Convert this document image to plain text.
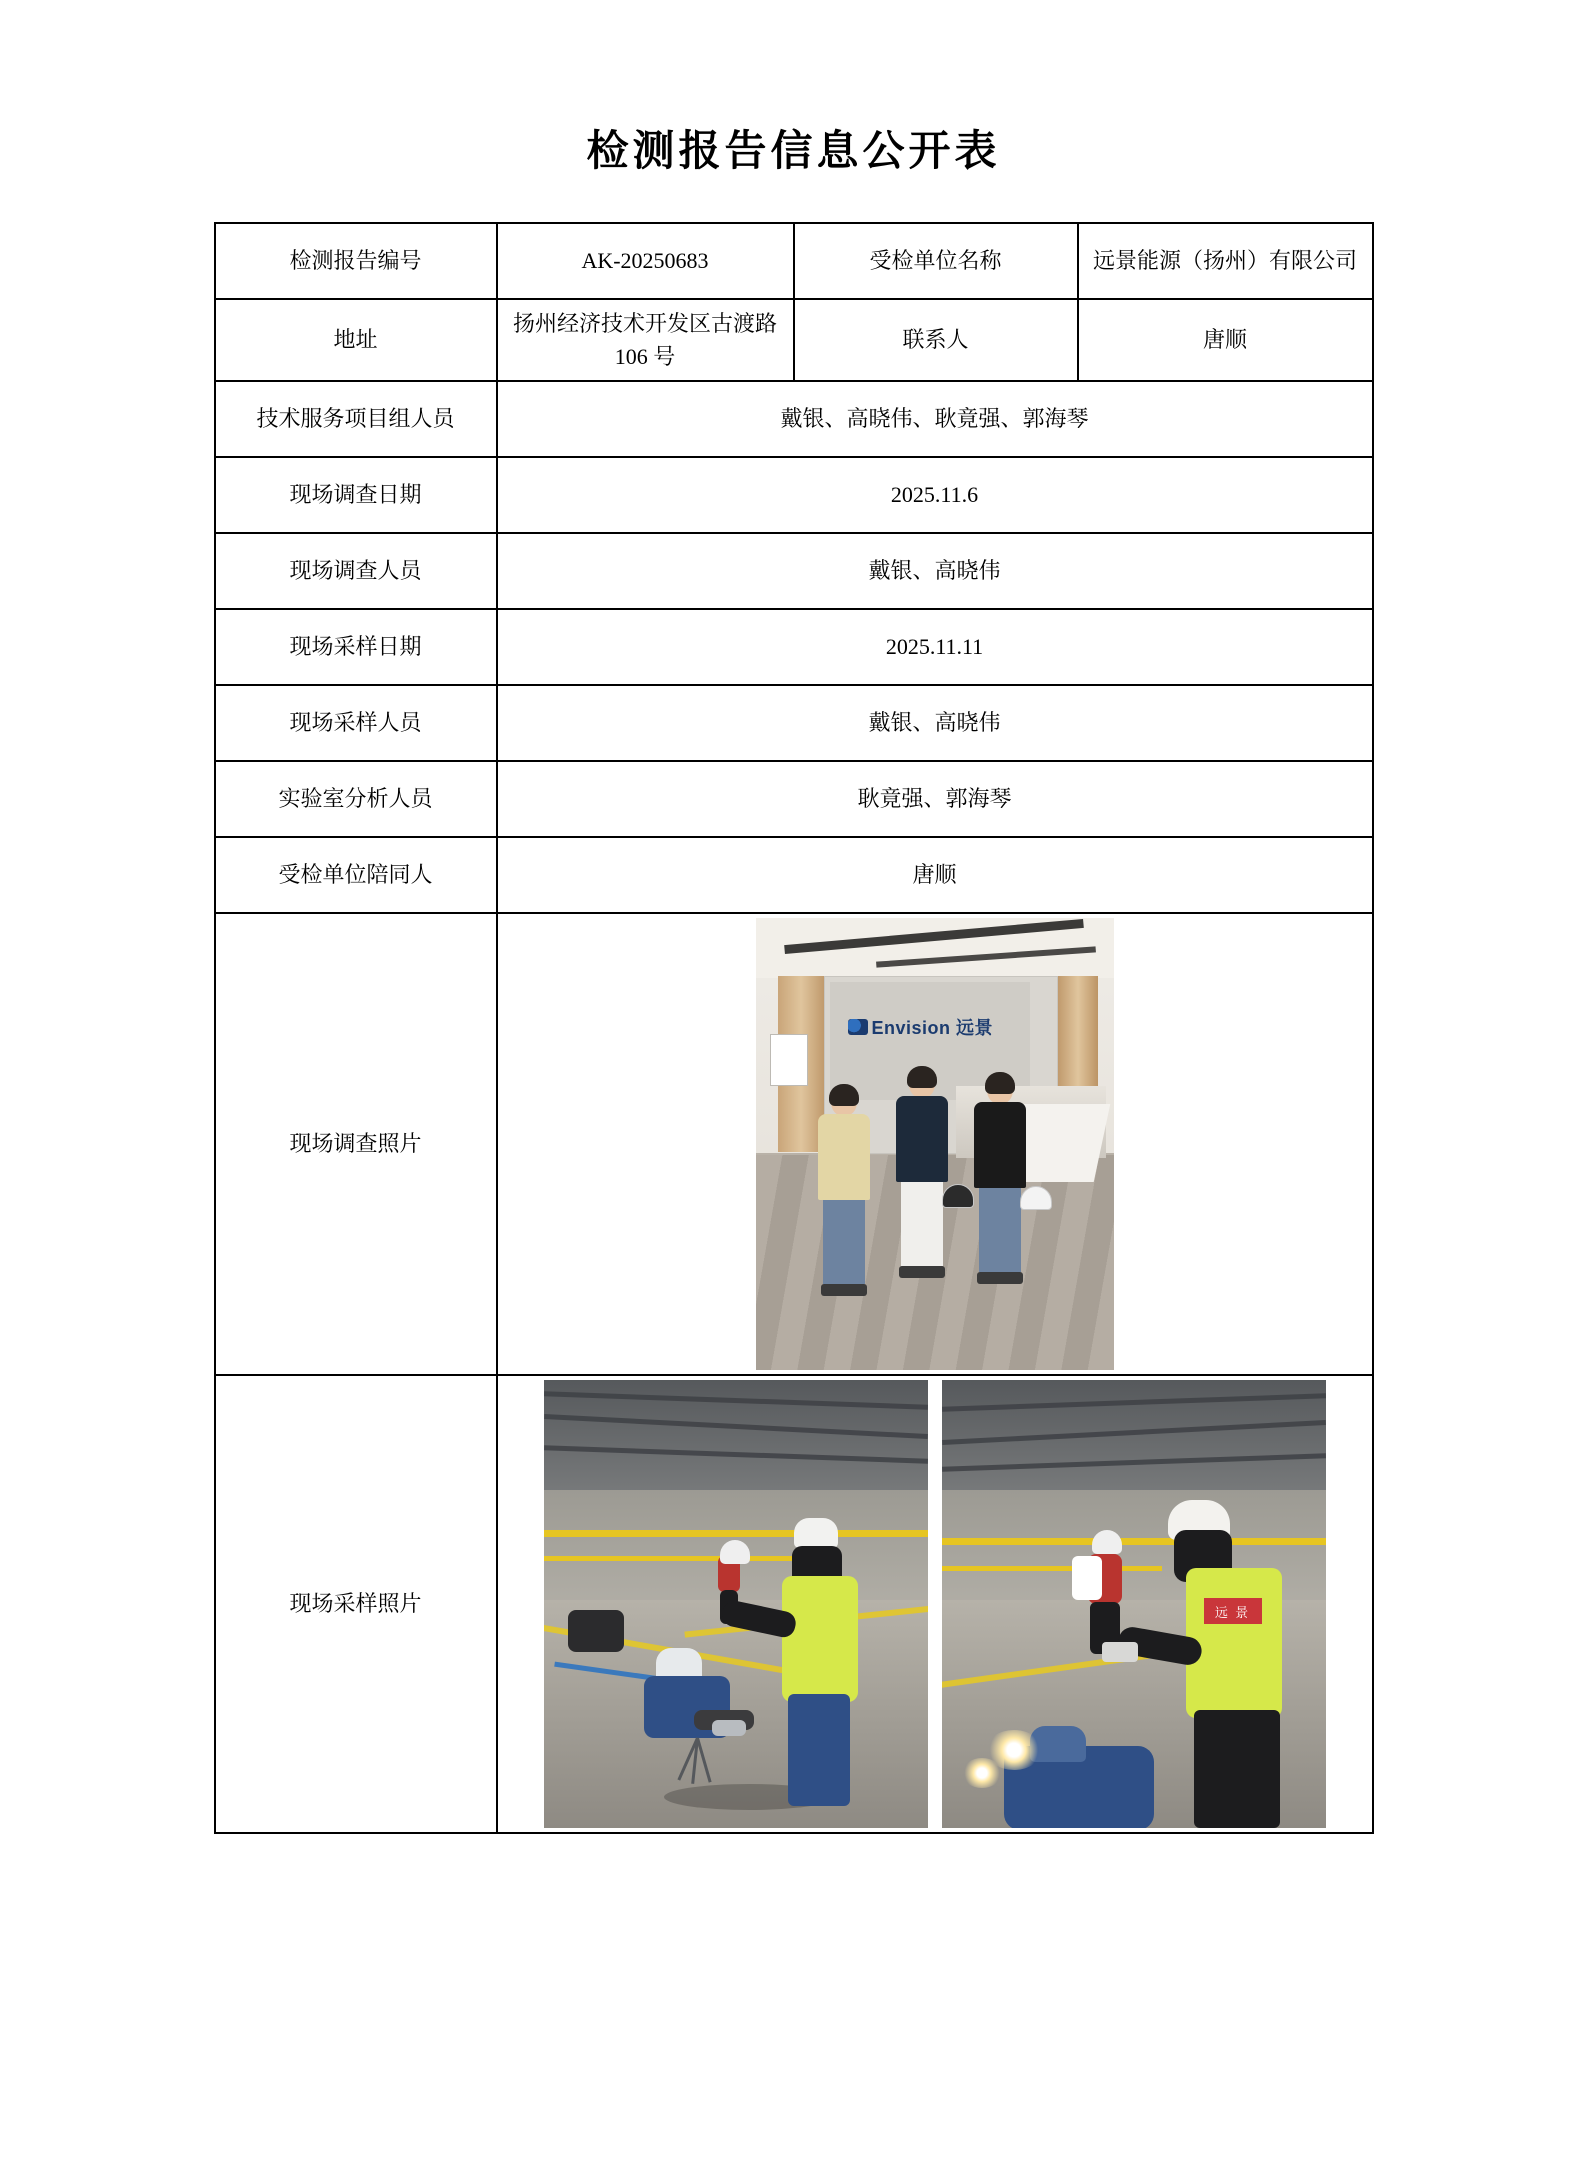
检测报告信息公开表
检测报告编号	AK-20250683	受检单位名称	远景能源（扬州）有限公司
地址	扬州经济技术开发区古渡路 106 号	联系人	唐顺
技术服务项目组人员	戴银、高晓伟、耿竟强、郭海琴		
现场调查日期	2025.11.6		
现场调查人员	戴银、高晓伟		
现场采样日期	2025.11.11		
现场采样人员	戴银、高晓伟		
实验室分析人员	耿竟强、郭海琴		
受检单位陪同人	唐顺		
现场调查照片	Envision 远景		

现场采样照片	远 景		
